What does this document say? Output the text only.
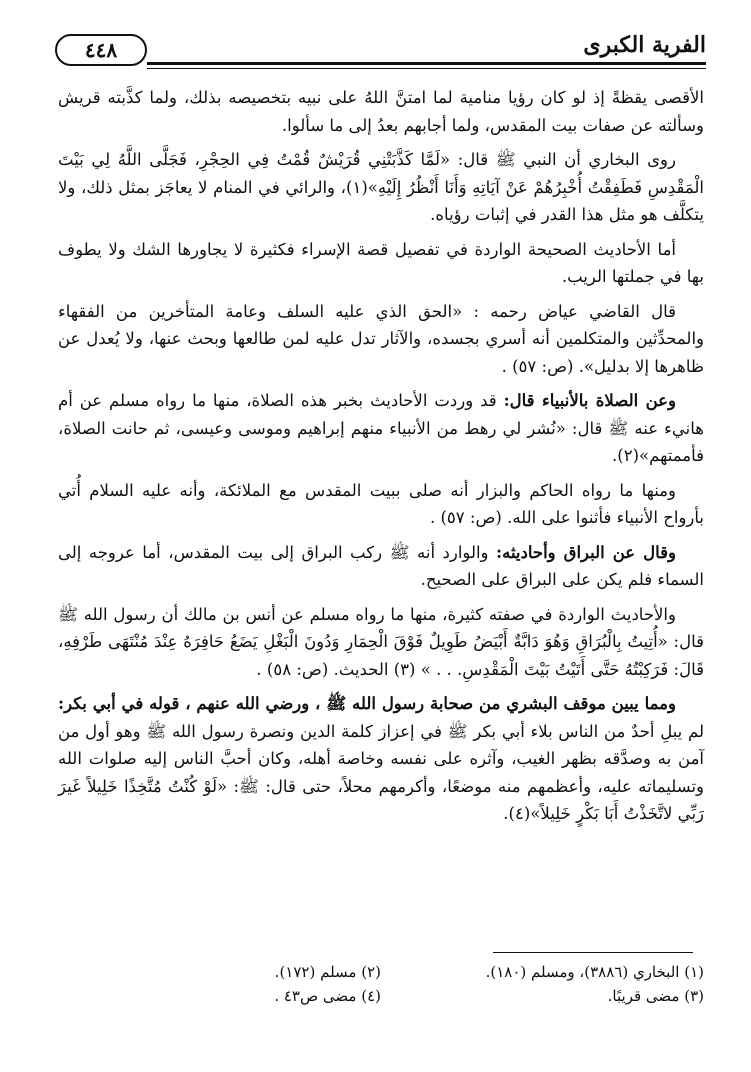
الفرية الكبرى
٤٤٨

الأقصى يقظةً إذ لو كان رؤيا منامية لما امتنَّ اللهُ على نبيه بتخصيصه بذلك، ولما كذَّبته قريش وسألته عن صفات بيت المقدس، ولما أجابهم بعدُ إلى ما سألوا.

روى البخاري أن النبي ﷺ قال: «لَمَّا كَذَّبَتْنِي قُرَيْشٌ قُمْتُ فِي الحِجْرِ، فَجَلَّى اللَّهُ لِي بَيْتَ الْمَقْدِسِ فَطَفِقْتُ أُخْبِرُهُمْ عَنْ آيَاتِهِ وَأَنَا أَنْظُرُ إِلَيْهِ»(١)، والرائي في المنام لا يعاجَز بمثل ذلك، ولا يتكلَّف هو مثل هذا القدر في إثبات رؤياه.

أما الأحاديث الصحيحة الواردة في تفصيل قصة الإسراء فكثيرة لا يجاورها الشك ولا يطوف بها في جملتها الريب.

قال القاضي عياض رحمه : «الحق الذي عليه السلف وعامة المتأخرين من الفقهاء والمحدِّثين والمتكلمين أنه أسري بجسده، والآثار تدل عليه لمن طالعها وبحث عنها، ولا يُعدل عن ظاهرها إلا بدليل». (ص: ٥٧) .

وعن الصلاة بالأنبياء قال: قد وردت الأحاديث بخبر هذه الصلاة، منها ما رواه مسلم عن أم هانيء عنه ﷺ قال: «نُشر لي رهط من الأنبياء منهم إبراهيم وموسى وعيسى، ثم حانت الصلاة، فأممتهم»(٢).

ومنها ما رواه الحاكم والبزار أنه صلى ببيت المقدس مع الملائكة، وأنه عليه السلام أُتي بأرواح الأنبياء فأثنوا على الله. (ص: ٥٧) .

وقال عن البراق وأحاديثه: والوارد أنه ﷺ ركب البراق إلى بيت المقدس، أما عروجه إلى السماء فلم يكن على البراق على الصحيح.

والأحاديث الواردة في صفته كثيرة، منها ما رواه مسلم عن أنس بن مالك أن رسول الله ﷺ قال: «أُتِيتُ بِالْبُرَاقِ وَهُوَ دَابَّةٌ أَبْيَضُ طَوِيلٌ فَوْقَ الْحِمَارِ وَدُونَ الْبَغْلِ يَضَعُ حَافِرَهُ عِنْدَ مُنْتَهَى طَرْفِهِ، قَالَ: فَرَكِبْتُهُ حَتَّى أَتَيْتُ بَيْتَ الْمَقْدِسِ. . . » (٣) الحديث. (ص: ٥٨) .

ومما يبين موقف البشري من صحابة رسول الله ﷺ ، ورضي الله عنهم ، قوله في أبي بكر: لم يبلِ أحدٌ من الناس بلاء أبي بكر ﷺ في إعزاز كلمة الدين ونصرة رسول الله ﷺ وهو أول من آمن به وصدَّقه بظهر الغيب، وآثره على نفسه وخاصة أهله، وكان أحبَّ الناس إليه صلوات الله وتسليماته عليه، وأعظمهم منه موضعًا، وأكرمهم محلاً، حتى قال: ﷺ: «لَوْ كُنْتُ مُتَّخِذًا خَلِيلاً غَيرَ رَبِّي لاتَّخَذْتُ أَبَا بَكْرٍ خَلِيلاً»(٤).

(١) البخاري (٣٨٨٦)، ومسلم (١٨٠).
(٢) مسلم (١٧٢).
(٣) مضى قريبًا.
(٤) مضى ص٤٣ .
